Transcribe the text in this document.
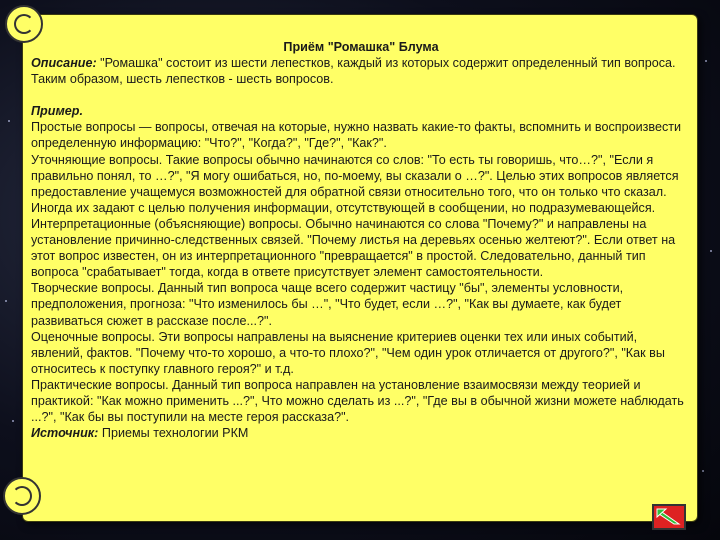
Приём "Ромашка" Блума

Описание: "Ромашка" состоит из шести лепестков, каждый из которых содержит определенный тип вопроса. Таким образом, шесть лепестков - шесть вопросов.

Пример.

Простые вопросы — вопросы, отвечая на которые, нужно назвать какие-то факты, вспомнить и воспроизвести определенную информацию: "Что?", "Когда?", "Где?", "Как?".

Уточняющие вопросы. Такие вопросы обычно начинаются со слов: "То есть ты говоришь, что…?", "Если я правильно понял, то …?", "Я могу ошибаться, но, по-моему, вы сказали о …?". Целью этих вопросов является предоставление учащемуся возможностей для обратной связи относительно того, что он только что сказал. Иногда их задают с целью получения информации, отсутствующей в сообщении, но подразумевающейся.

Интерпретационные (объясняющие) вопросы. Обычно начинаются со слова "Почему?" и направлены на установление причинно-следственных связей. "Почему листья на деревьях осенью желтеют?". Если ответ на этот вопрос известен, он из интерпретационного "превращается" в простой. Следовательно, данный тип вопроса "срабатывает" тогда, когда в ответе присутствует элемент самостоятельности.

Творческие вопросы. Данный тип вопроса чаще всего содержит частицу "бы", элементы условности, предположения, прогноза: "Что изменилось бы …", "Что будет, если …?", "Как вы думаете, как будет развиваться сюжет в рассказе после...?".

Оценочные вопросы. Эти вопросы направлены на выяснение критериев оценки тех или иных событий, явлений, фактов. "Почему что-то хорошо, а что-то плохо?", "Чем один урок отличается от другого?", "Как вы относитесь к поступку главного героя?" и т.д.

Практические вопросы. Данный тип вопроса направлен на установление взаимосвязи между теорией и практикой: "Как можно применить ...?", Что можно сделать из ...?", "Где вы в обычной жизни можете наблюдать ...?", "Как бы вы поступили на месте героя рассказа?".

Источник: Приемы технологии РКМ
